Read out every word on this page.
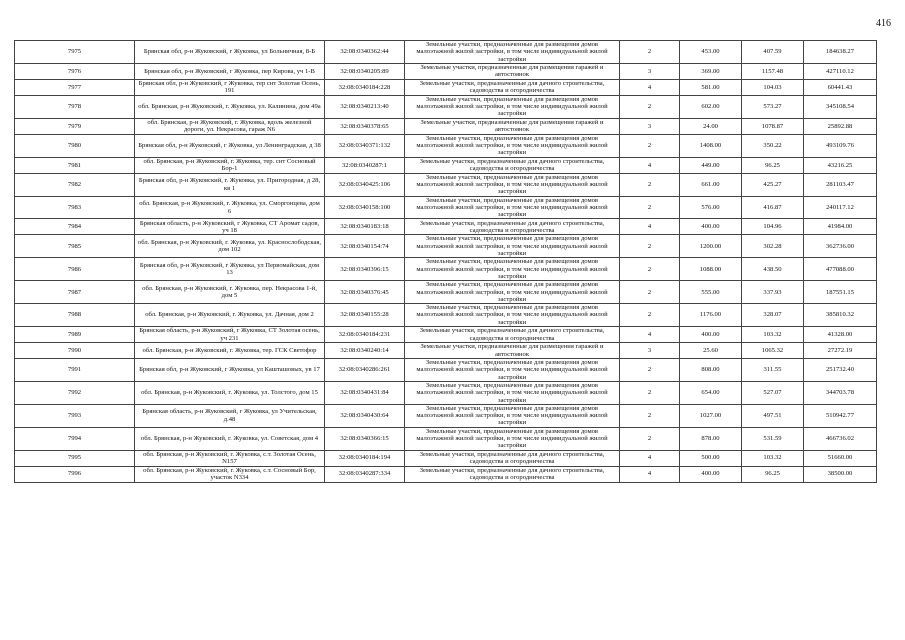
416
7975	Брянская обл, р-н Жуковский, г Жуковка, ул Больничная, 8-Б	32:08:0340362:44	Земельные участки, предназначенные для размещения домов малоэтажной жилой застройки, в том числе индивидуальной жилой застройки	2	453.00	407.59	184638.27
7976	Брянская обл, р-н Жуковский, г Жуковка, пер Кирова, уч 1-В	32:08:0340205:89	Земельные участки, предназначенные для размещения гаражей и автостоянок	3	369.00	1157.48	427110.12
7977	Брянская обл, р-н Жуковский, г Жуковка, тер снт Золотая Осень, 191	32:08:0340184:228	Земельные участки, предназначенные для дачного строительства, садоводства и огородничества	4	581.00	104.03	60441.43
7978	обл. Брянская, р-н Жуковский, г. Жуковка, ул. Калинина, дом 49а	32:08:0340213:40	Земельные участки, предназначенные для размещения домов малоэтажной жилой застройки, в том числе индивидуальной жилой застройки	2	602.00	573.27	345108.54
7979	обл. Брянская, р-н Жуковский, г. Жуковка, вдоль железной дороги, ул. Некрасова, гараж N6	32:08:0340378:65	Земельные участки, предназначенные для размещения гаражей и автостоянок	3	24.00	1078.87	25892.88
7980	Брянская обл, р-н Жуковский, г Жуковка, ул Ленинградская, д 38	32:08:0340371:132	Земельные участки, предназначенные для размещения домов малоэтажной жилой застройки, в том числе индивидуальной жилой застройки	2	1408.00	350.22	493109.76
7981	обл. Брянская, р-н Жуковский, г. Жуковка, тер. снт Сосновый Бор-1	32:08:0340287:1	Земельные участки, предназначенные для дачного строительства, садоводства и огородничества	4	449.00	96.25	43216.25
7982	Брянская обл, р-н Жуковский, г. Жуковка, ул. Пригородная, д 28, кв 1	32:08:0340425:106	Земельные участки, предназначенные для размещения домов малоэтажной жилой застройки, в том числе индивидуальной жилой застройки	2	661.00	425.27	281103.47
7983	обл. Брянская, р-н Жуковский, г. Жуковка, ул. Сморгонцева, дом 6	32:08:0340158:100	Земельные участки, предназначенные для размещения домов малоэтажной жилой застройки, в том числе индивидуальной жилой застройки	2	576.00	416.87	240117.12
7984	Брянская область, р-н Жуковский, г Жуковка, СТ Аромат садов, уч 18	32:08:0340183:18	Земельные участки, предназначенные для дачного строительства, садоводства и огородничества	4	400.00	104.96	41984.00
7985	обл. Брянская, р-н Жуковский, г. Жуковка, ул. Краснослободская, дом 102	32:08:0340154:74	Земельные участки, предназначенные для размещения домов малоэтажной жилой застройки, в том числе индивидуальной жилой застройки	2	1200.00	302.28	362736.00
7986	Брянская обл, р-н Жуковский, г Жуковка, ул Первомайская, дом 13	32:08:0340396:15	Земельные участки, предназначенные для размещения домов малоэтажной жилой застройки, в том числе индивидуальной жилой застройки	2	1088.00	438.50	477088.00
7987	обл. Брянская, р-н Жуковский, г. Жуковка, пер. Некрасова 1-й, дом 5	32:08:0340376:45	Земельные участки, предназначенные для размещения домов малоэтажной жилой застройки, в том числе индивидуальной жилой застройки	2	555.00	337.93	187551.15
7988	обл. Брянская, р-н Жуковский, г. Жуковка, ул. Дачная, дом 2	32:08:0340155:28	Земельные участки, предназначенные для размещения домов малоэтажной жилой застройки, в том числе индивидуальной жилой застройки	2	1176.00	328.07	385810.32
7989	Брянская область, р-н Жуковский, г Жуковка, СТ Золотая осень, уч 231	32:08:0340184:231	Земельные участки, предназначенные для дачного строительства, садоводства и огородничества	4	400.00	103.32	41328.00
7990	обл. Брянская, р-н Жуковский, г. Жуковка, тер. ГСК Светофор	32:08:0340240:14	Земельные участки, предназначенные для размещения гаражей и автостоянок	3	25.60	1065.32	27272.19
7991	Брянская обл, р-н Жуковский, г Жуковка, ул Кашташовых, ув 17	32:08:0340286:261	Земельные участки, предназначенные для размещения домов малоэтажной жилой застройки, в том числе индивидуальной жилой застройки	2	808.00	311.55	251732.40
7992	обл. Брянская, р-н Жуковский, г. Жуковка, ул. Толстого, дом 15	32:08:0340431:84	Земельные участки, предназначенные для размещения домов малоэтажной жилой застройки, в том числе индивидуальной жилой застройки	2	654.00	527.07	344703.78
7993	Брянская область, р-н Жуковский, г Жуковка, ул Учительская, д.48	32:08:0340430:64	Земельные участки, предназначенные для размещения домов малоэтажной жилой застройки, в том числе индивидуальной жилой застройки	2	1027.00	497.51	510942.77
7994	обл. Брянская, р-н Жуковский, г. Жуковка, ул. Советская, дом 4	32:08:0340366:15	Земельные участки, предназначенные для размещения домов малоэтажной жилой застройки, в том числе индивидуальной жилой застройки	2	878.00	531.59	466736.02
7995	обл. Брянская, р-н Жуковский, г. Жуковка, с.т. Золотая Осень, N157	32:08:0340184:194	Земельные участки, предназначенные для дачного строительства, садоводства и огородничества	4	500.00	103.32	51660.00
7996	обл. Брянская, р-н Жуковский, г. Жуковка, с.т. Сосновый Бор, участок N334	32:08:0340287:334	Земельные участки, предназначенные для дачного строительства, садоводства и огородничества	4	400.00	96.25	38500.00
